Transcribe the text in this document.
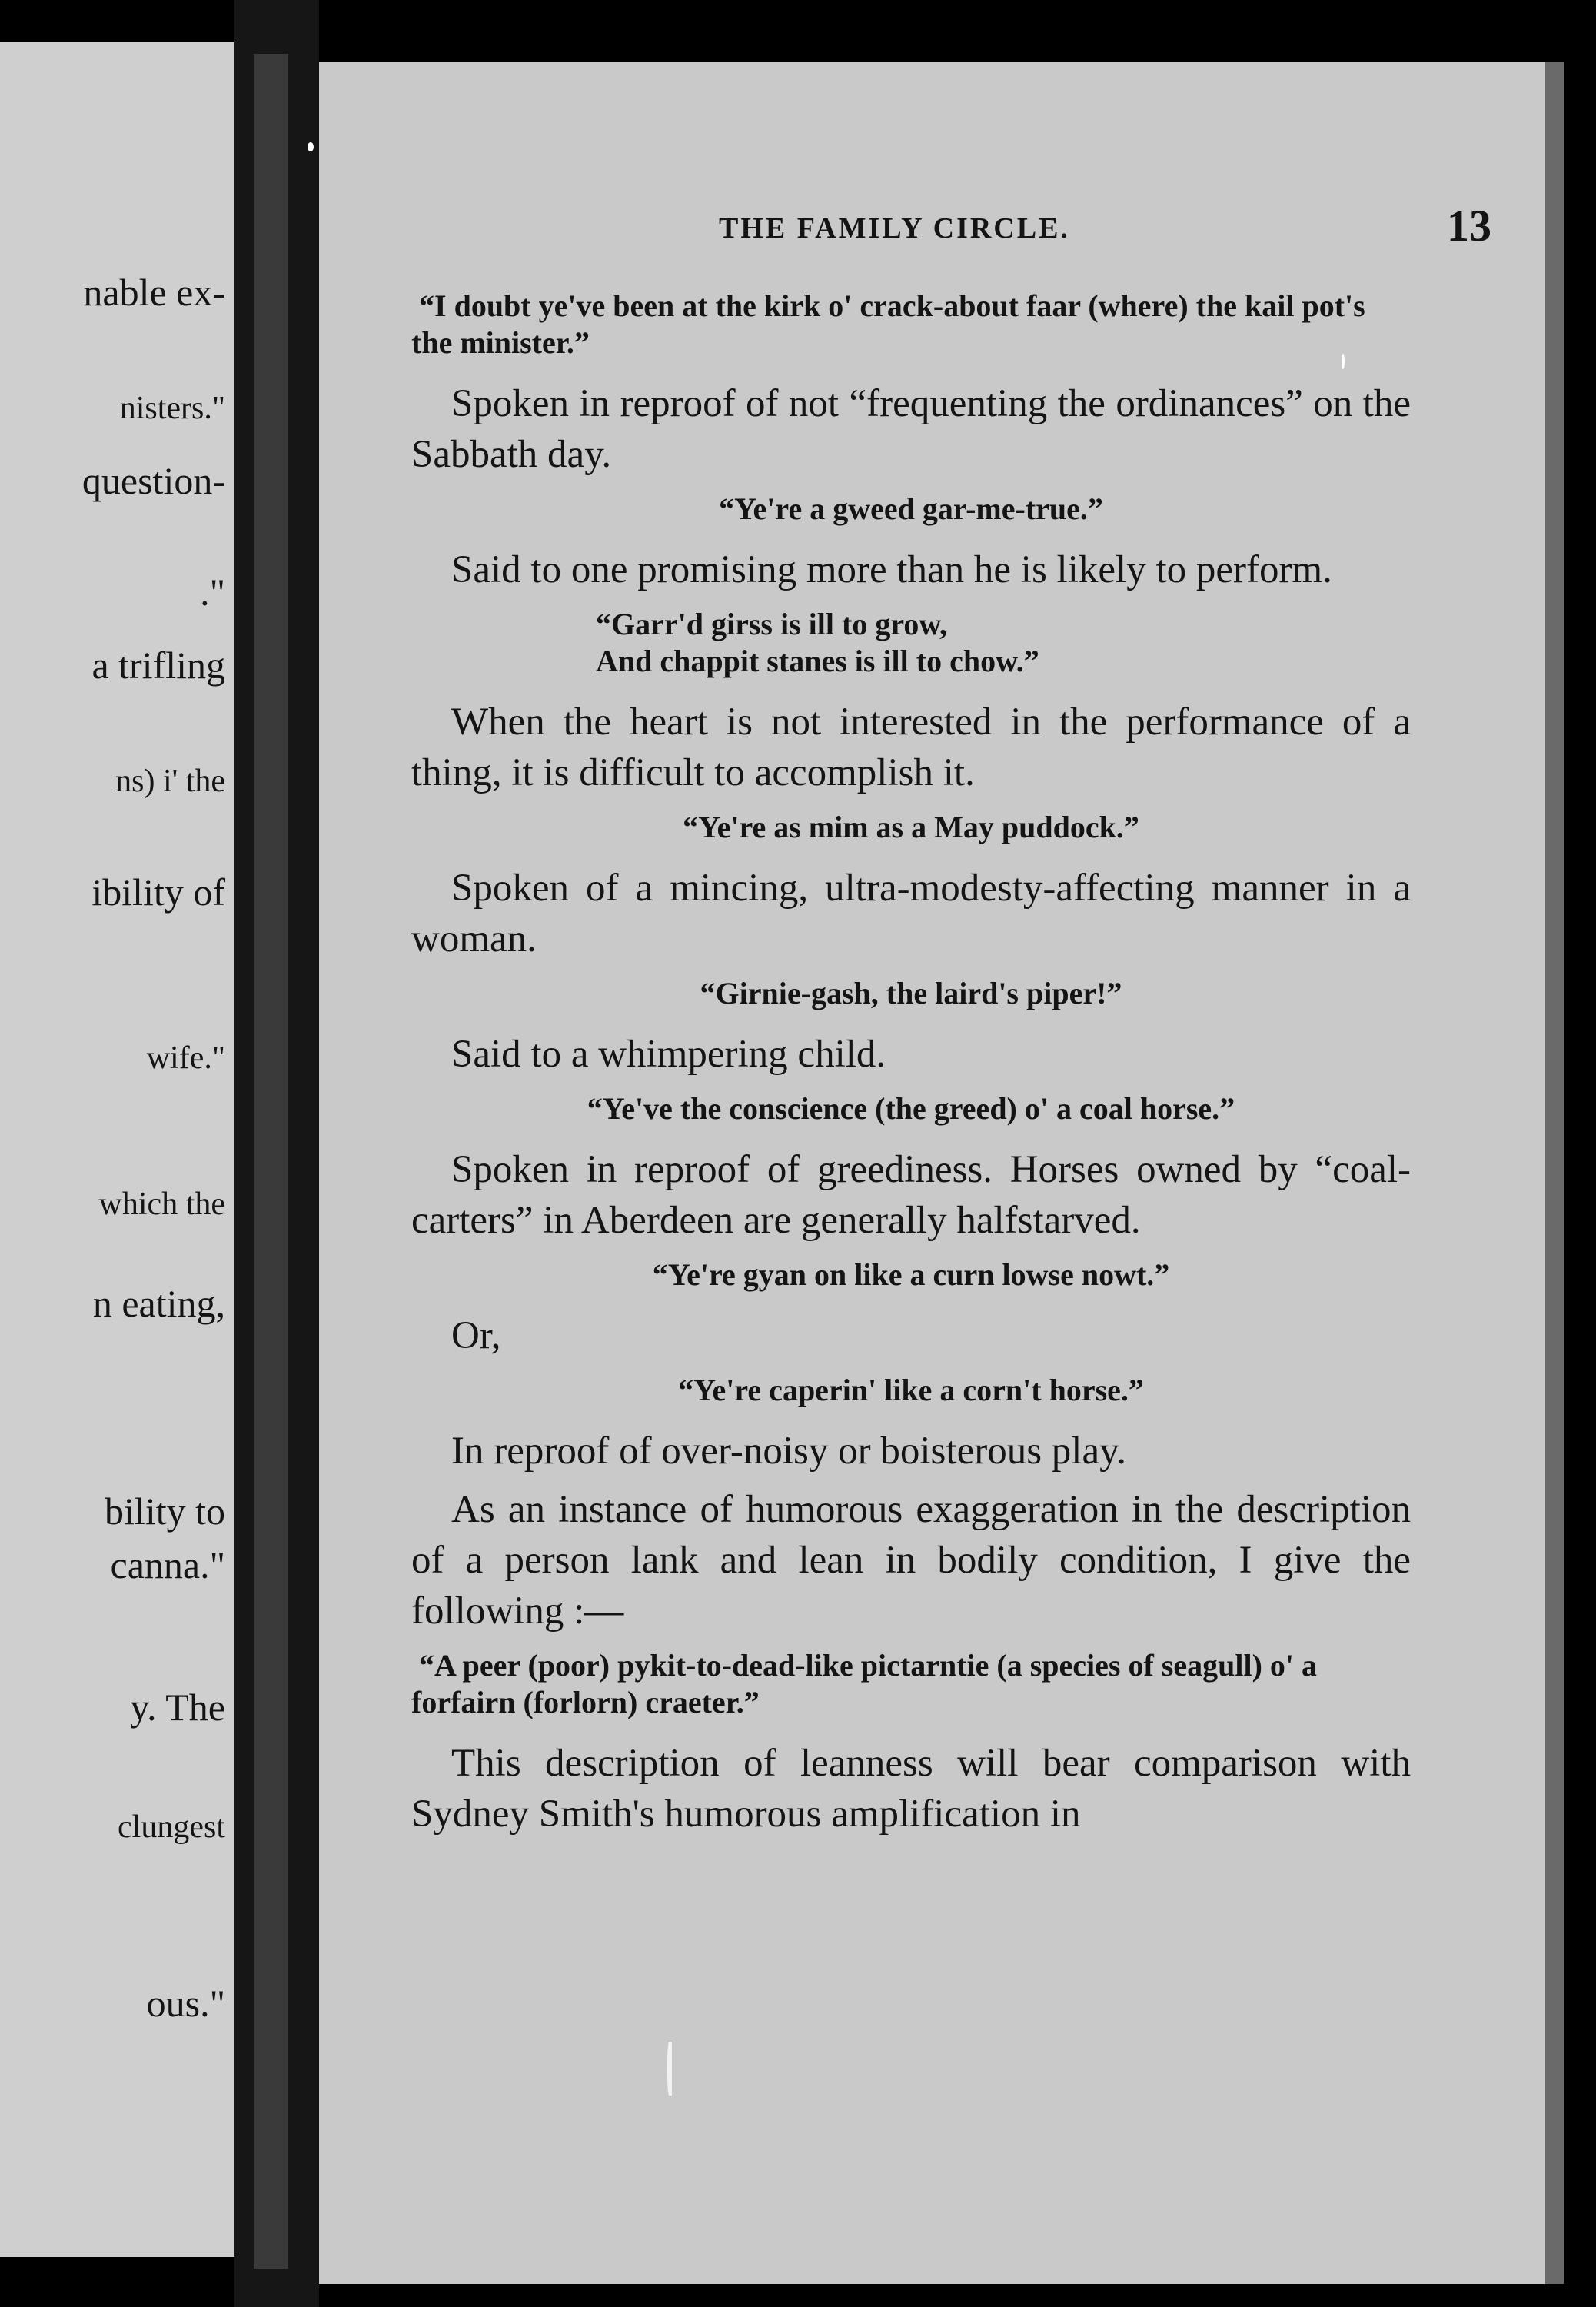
nable ex-
nisters."
question-
."
a trifling
ns) i' the
ibility of
wife."
which the
n eating,
bility to
canna."
y. The
clungest
ous."
THE FAMILY CIRCLE.	13
“I doubt ye've been at the kirk o' crack-about faar (where) the kail pot's the minister.”

Spoken in reproof of not “frequenting the ordinances” on the Sabbath day.

“Ye're a gweed gar-me-true.”

Said to one promising more than he is likely to perform.

“Garr'd girss is ill to grow,
And chappit stanes is ill to chow.”

When the heart is not interested in the performance of a thing, it is difficult to accomplish it.

“Ye're as mim as a May puddock.”

Spoken of a mincing, ultra-modesty-affecting manner in a woman.

“Girnie-gash, the laird's piper!”

Said to a whimpering child.

“Ye've the conscience (the greed) o' a coal horse.”

Spoken in reproof of greediness. Horses owned by “coal-carters” in Aberdeen are generally halfstarved.

“Ye're gyan on like a curn lowse nowt.”

Or,

“Ye're caperin' like a corn't horse.”

In reproof of over-noisy or boisterous play.

As an instance of humorous exaggeration in the description of a person lank and lean in bodily condition, I give the following :—

“A peer (poor) pykit-to-dead-like pictarntie (a species of seagull) o' a forfairn (forlorn) craeter.”

This description of leanness will bear comparison with Sydney Smith's humorous amplification in
